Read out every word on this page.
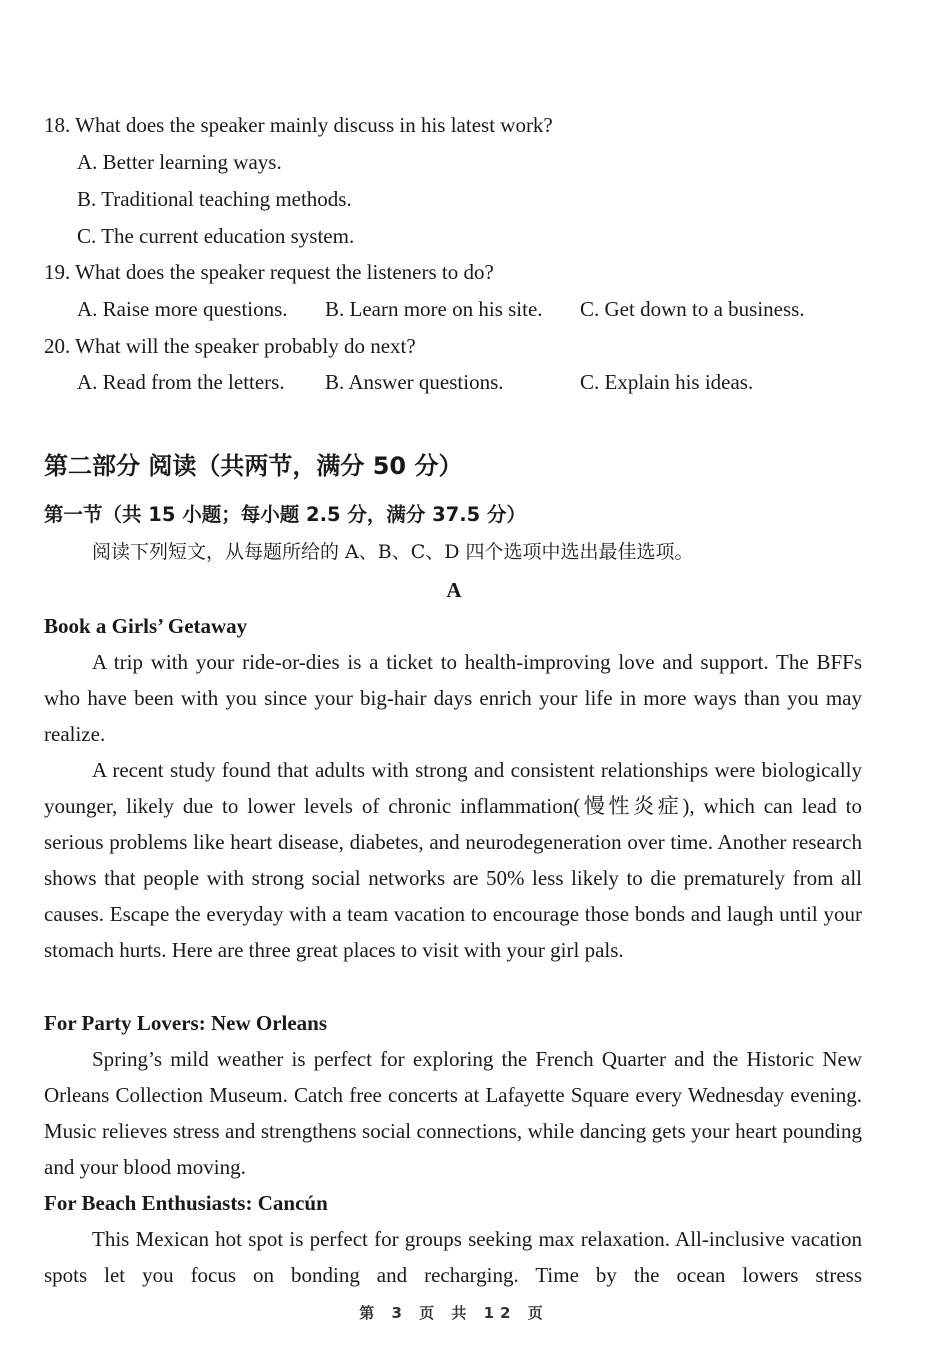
18. What does the speaker mainly discuss in his latest work?
A. Better learning ways.
B. Traditional teaching methods.
C. The current education system.
19. What does the speaker request the listeners to do?
A. Raise more questions. B. Learn more on his site. C. Get down to a business.
20. What will the speaker probably do next?
A. Read from the letters. B. Answer questions.	C. Explain his ideas.
第二部分 阅读（共两节，满分 50 分）
第一节（共 15 小题；每小题 2.5 分，满分 37.5 分）
阅读下列短文，从每题所给的 A、B、C、D 四个选项中选出最佳选项。
A
Book a Girls’ Getaway
A trip with your ride-or-dies is a ticket to health-improving love and support. The BFFs who have been with you since your big-hair days enrich your life in more ways than you may realize.
A recent study found that adults with strong and consistent relationships were biologically younger, likely due to lower levels of chronic inflammation(慢性炎症), which can lead to serious problems like heart disease, diabetes, and neurodegeneration over time. Another research shows that people with strong social networks are 50% less likely to die prematurely from all causes. Escape the everyday with a team vacation to encourage those bonds and laugh until your stomach hurts. Here are three great places to visit with your girl pals.
For Party Lovers: New Orleans
Spring’s mild weather is perfect for exploring the French Quarter and the Historic New Orleans Collection Museum. Catch free concerts at Lafayette Square every Wednesday evening. Music relieves stress and strengthens social connections, while dancing gets your heart pounding and your blood moving.
For Beach Enthusiasts: Cancún
This Mexican hot spot is perfect for groups seeking max relaxation. All-inclusive vacation spots let you focus on bonding and recharging. Time by the ocean lowers stress
第 3 页 共 12 页
